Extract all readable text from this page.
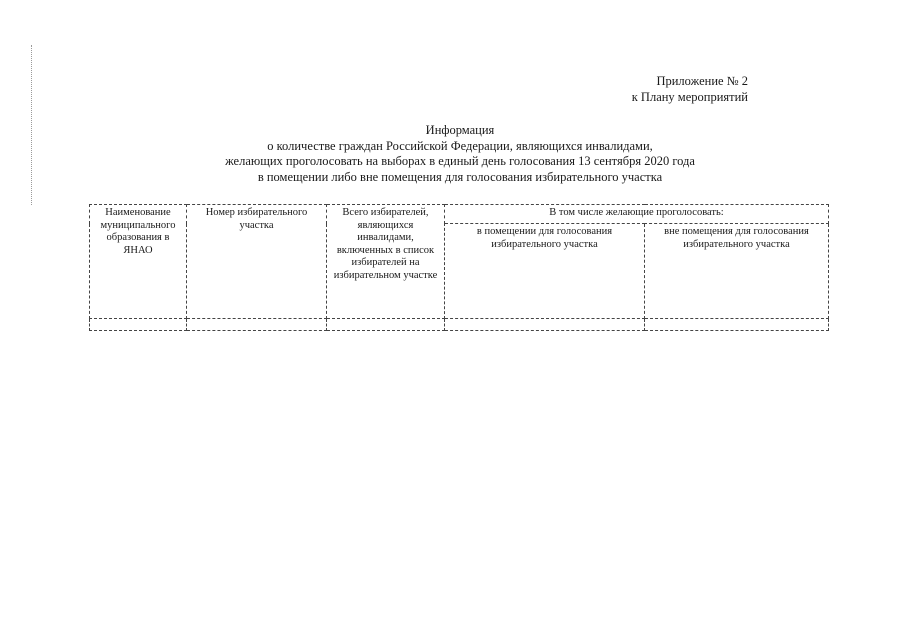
Приложение № 2
к Плану мероприятий
Информация
о количестве граждан Российской Федерации, являющихся инвалидами,
желающих проголосовать на выборах в единый день голосования 13 сентября 2020 года
в помещении либо вне помещения для голосования избирательного участка
Наименование муниципального образования в ЯНАО	Номер избирательного участка	Всего избирателей, являющихся инвалидами, включенных в список избирателей на избирательном участке	В том числе желающие проголосовать:	
			в помещении для голосования избирательного участка	вне помещения для голосования избирательного участка
